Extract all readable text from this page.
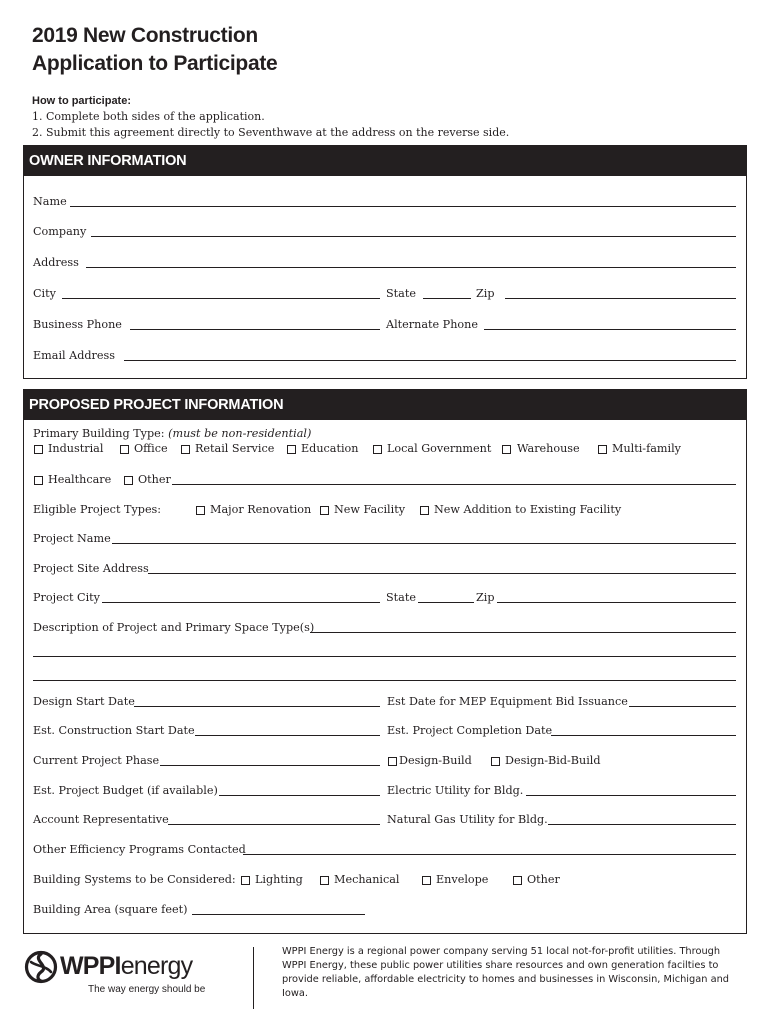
2019 New Construction
Application to Participate
How to participate:
1. Complete both sides of the application.
2. Submit this agreement directly to Seventhwave at the address on the reverse side.
OWNER INFORMATION
Name
Company
Address
City	State	Zip
Business Phone	Alternate Phone
Email Address
PROPOSED PROJECT INFORMATION
Primary Building Type: (must be non-residential)
Industrial	Office Retail Service Education	Local Government Warehouse	Multi-family
Healthcare Other
Eligible Project Types:	Major Renovation New Facility	New Addition to Existing Facility
Project Name
Project Site Address
Project City	State	Zip
Description of Project and Primary Space Type(s)
Design Start Date	Est Date for MEP Equipment Bid Issuance
Est. Construction Start Date	Est. Project Completion Date
Current Project Phase	Design-Build	Design-Bid-Build
Est. Project Budget (if available)	Electric Utility for Bldg.
Account Representative	Natural Gas Utility for Bldg.
Other Efficiency Programs Contacted
Building Systems to be Considered: Lighting	Mechanical	Envelope	Other
Building Area (square feet)
WPPIenergy
The way energy should be
WPPI Energy is a regional power company serving 51 local not-for-profit utilities. Through WPPI Energy, these public power utilities share resources and own generation facilties to provide reliable, affordable electricity to homes and businesses in Wisconsin, Michigan and Iowa.
